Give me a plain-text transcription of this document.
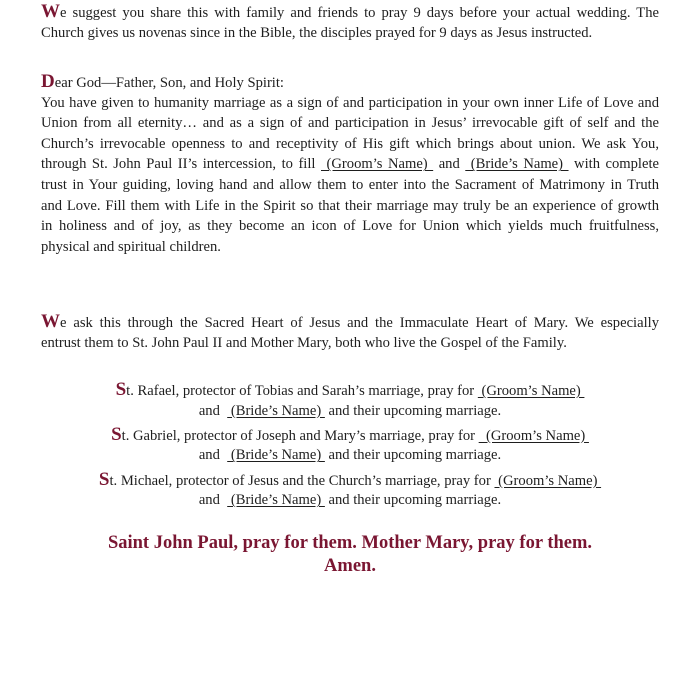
We suggest you share this with family and friends to pray 9 days before your actual wedding. The
Church gives us novenas since in the Bible, the disciples prayed for 9 days as Jesus instructed.
Dear God—Father, Son, and Holy Spirit:
You have given to humanity marriage as a sign of and participation in your own inner Life of Love and
Union from all eternity… and as a sign of and participation in Jesus’ irrevocable gift of self and the
Church’s irrevocable openness to and receptivity of His gift which brings about union. We ask You,
through St. John Paul II’s intercession, to fill  (Groom’s Name)  and  (Bride’s Name)  with complete
trust in Your guiding, loving hand and allow them to enter into the Sacrament of Matrimony in Truth
and Love. Fill them with Life in the Spirit so that their marriage may truly be an experience of growth
in holiness and of joy, as they become an icon of Love for Union which yields much fruitfulness,
physical and spiritual children.
We ask this through the Sacred Heart of Jesus and the Immaculate Heart of Mary. We especially
entrust them to St. John Paul II and Mother Mary, both who live the Gospel of the Family.
St. Rafael, protector of Tobias and Sarah’s marriage, pray for  (Groom’s Name)
and   (Bride’s Name)  and their upcoming marriage.
St. Gabriel, protector of Joseph and Mary’s marriage, pray for   (Groom’s Name)
and   (Bride’s Name)  and their upcoming marriage.
St. Michael, protector of Jesus and the Church’s marriage, pray for  (Groom’s Name)
and   (Bride’s Name)  and their upcoming marriage.
Saint John Paul, pray for them. Mother Mary, pray for them.
Amen.
